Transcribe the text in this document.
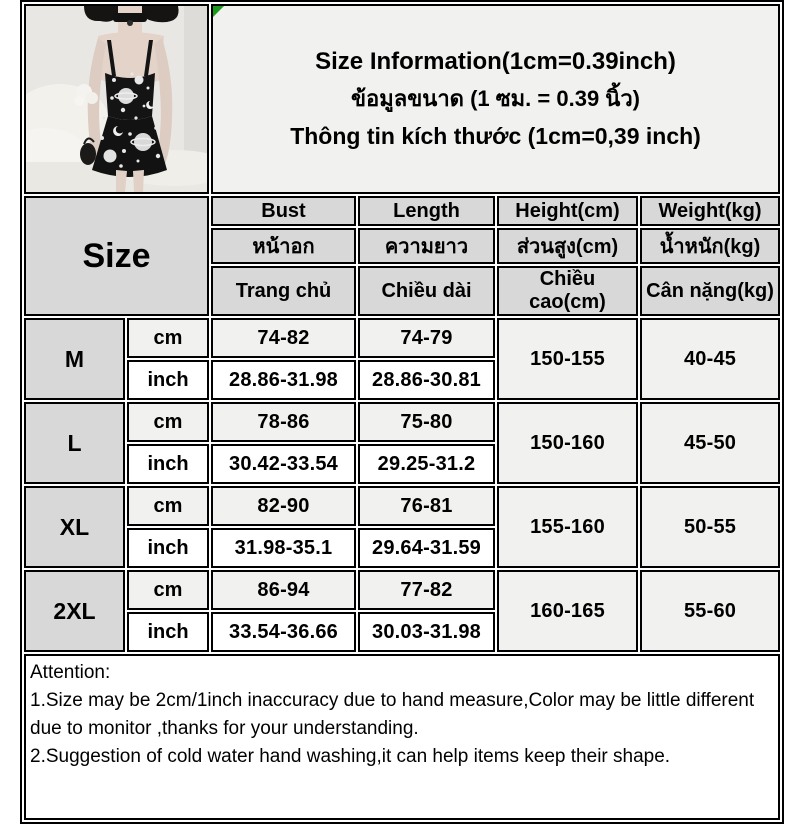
Size Information(1cm=0.39inch)
ข้อมูลขนาด (1 ซม. = 0.39 นิ้ว)
Thông tin kích thước (1cm=0,39 inch)			

Size		Bust	Length	Height(cm)	Weight(kg)
		หน้าอก	ความยาว	ส่วนสูง(cm)	น้ำหนัก(kg)
		Trang chủ	Chiều dài	Chiều cao(cm)	Cân nặng(kg)
M	cm	74-82	74-79	150-155	40-45
	inch	28.86-31.98	28.86-30.81		
L	cm	78-86	75-80	150-160	45-50
	inch	30.42-33.54	29.25-31.2		
XL	cm	82-90	76-81	155-160	50-55
	inch	31.98-35.1	29.64-31.59		
2XL	cm	86-94	77-82	160-165	55-60
	inch	33.54-36.66	30.03-31.98		

Attention:
1.Size may be 2cm/1inch inaccuracy due to hand measure,Color may be little different due to monitor ,thanks for your understanding.
2.Suggestion of cold water hand washing,it can help items keep their shape.					
